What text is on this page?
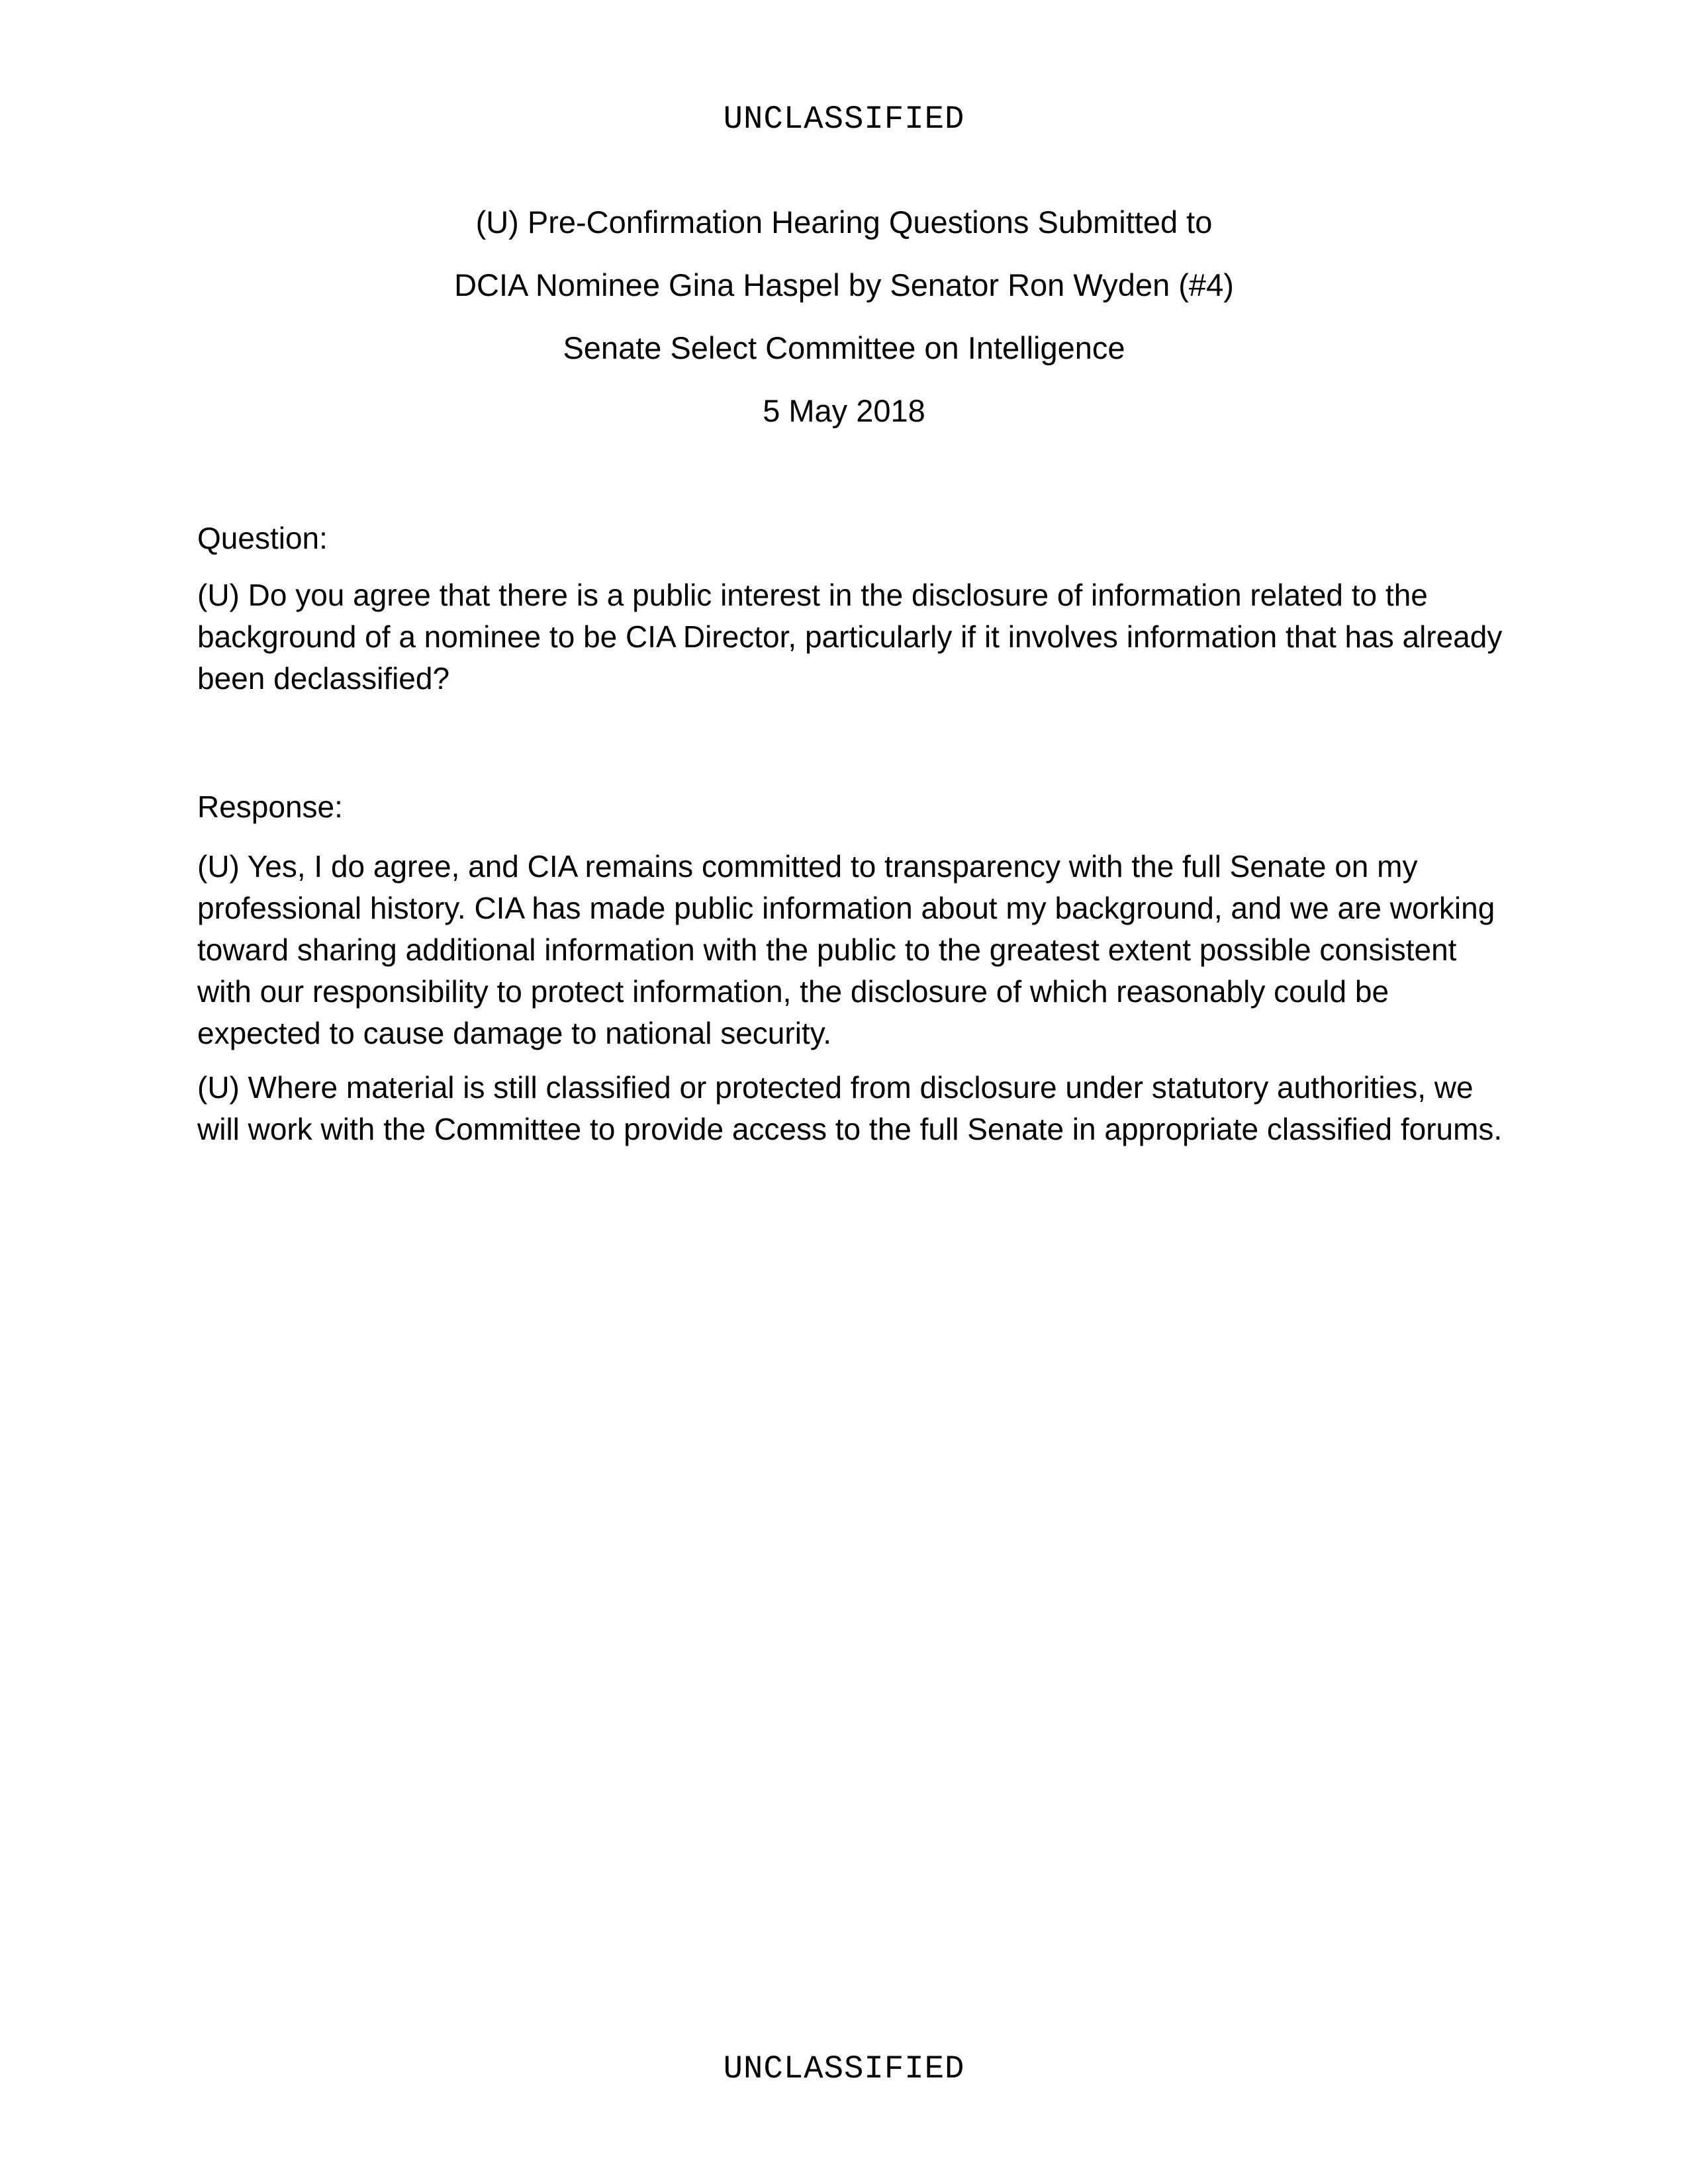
UNCLASSIFIED

(U) Pre-Confirmation Hearing Questions Submitted to

DCIA Nominee Gina Haspel by Senator Ron Wyden (#4)

Senate Select Committee on Intelligence

5 May 2018

Question:

(U) Do you agree that there is a public interest in the disclosure of information related to the background of a nominee to be CIA Director, particularly if it involves information that has already been declassified?

Response:

(U) Yes, I do agree, and CIA remains committed to transparency with the full Senate on my professional history. CIA has made public information about my background, and we are working toward sharing additional information with the public to the greatest extent possible consistent with our responsibility to protect information, the disclosure of which reasonably could be expected to cause damage to national security.

(U) Where material is still classified or protected from disclosure under statutory authorities, we will work with the Committee to provide access to the full Senate in appropriate classified forums.

UNCLASSIFIED
